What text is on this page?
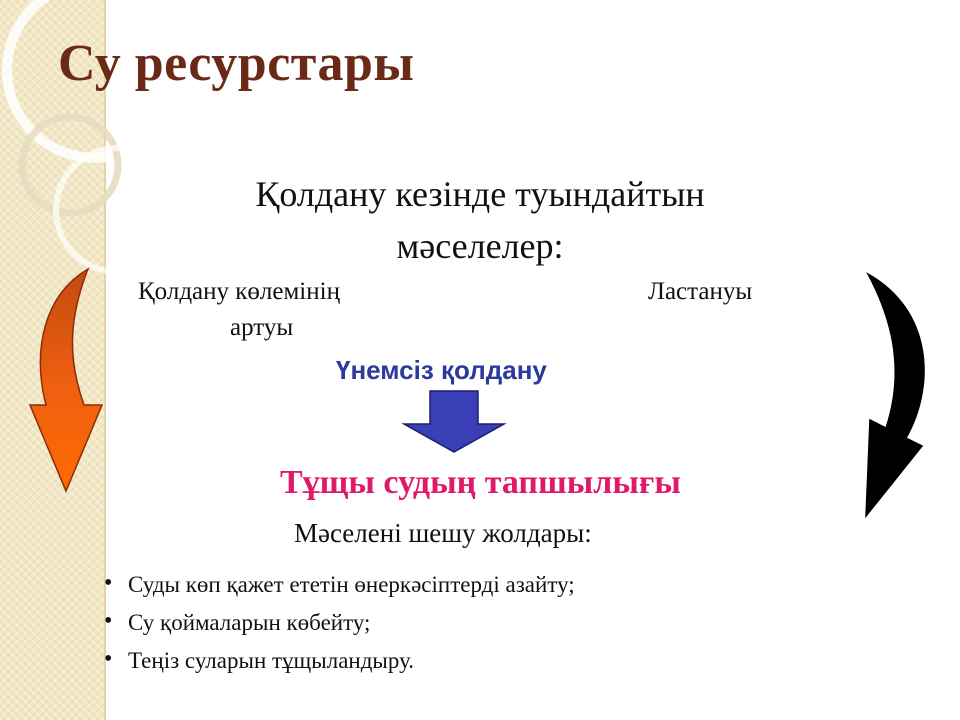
Су ресурстары
Қолдану кезінде туындайтын мәселелер:
Қолдану көлемінің
артуы
Ластануы
Үнемсіз қолдану
Тұщы судың тапшылығы
Мәселені шешу жолдары:
• Суды көп қажет ететін өнеркәсіптерді азайту;
• Су қоймаларын көбейту;
• Теңіз суларын тұщыландыру.
